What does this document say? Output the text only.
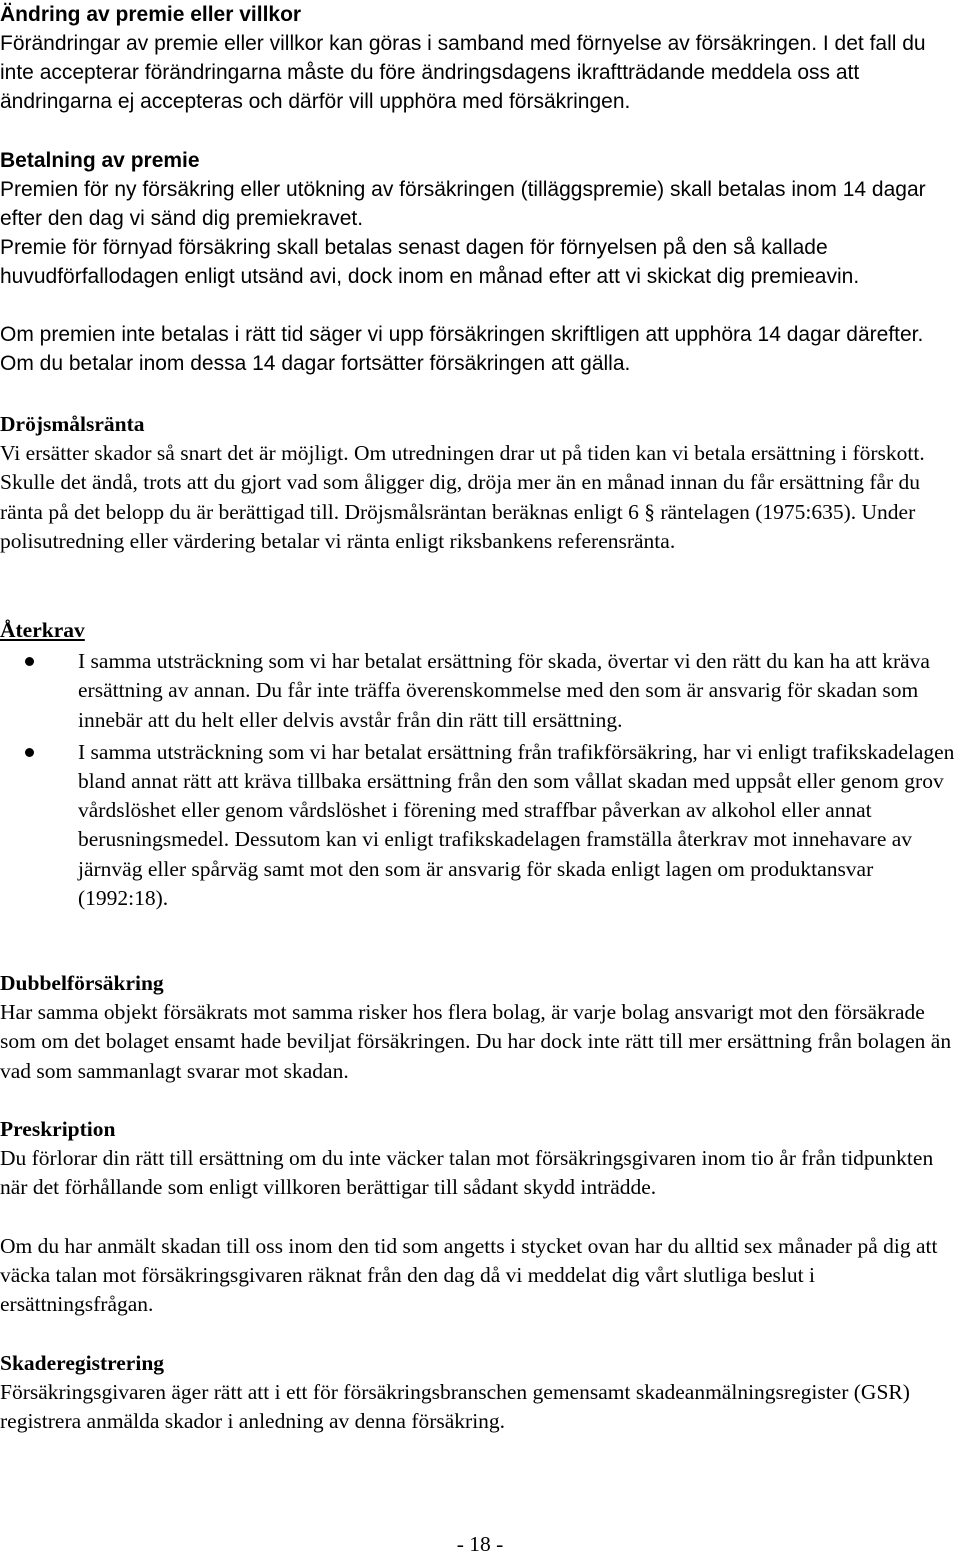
Ändring av premie eller villkor

Förändringar av premie eller villkor kan göras i samband med förnyelse av försäkringen. I det fall du inte accepterar förändringarna måste du före ändringsdagens ikraftträdande meddela oss att ändringarna ej accepteras och därför vill upphöra med försäkringen.

Betalning av premie

Premien för ny försäkring eller utökning av försäkringen (tilläggspremie) skall betalas inom 14 dagar efter den dag vi sänd dig premiekravet.

Premie för förnyad försäkring skall betalas senast dagen för förnyelsen på den så kallade huvudförfallodagen enligt utsänd avi, dock inom en månad efter att vi skickat dig premieavin.

Om premien inte betalas i rätt tid säger vi upp försäkringen skriftligen att upphöra 14 dagar därefter. Om du betalar inom dessa 14 dagar fortsätter försäkringen att gälla.

Dröjsmålsränta

Vi ersätter skador så snart det är möjligt. Om utredningen drar ut på tiden kan vi betala ersättning i förskott. Skulle det ändå, trots att du gjort vad som åligger dig, dröja mer än en månad innan du får ersättning får du ränta på det belopp du är berättigad till. Dröjsmålsräntan beräknas enligt 6 § räntelagen (1975:635). Under polisutredning eller värdering betalar vi ränta enligt riksbankens referensränta.

Återkrav

I samma utsträckning som vi har betalat ersättning för skada, övertar vi den rätt du kan ha att kräva ersättning av annan. Du får inte träffa överenskommelse med den som är ansvarig för skadan som innebär att du helt eller delvis avstår från din rätt till ersättning.
I samma utsträckning som vi har betalat ersättning från trafikförsäkring, har vi enligt trafikskadelagen bland annat rätt att kräva tillbaka ersättning från den som vållat skadan med uppsåt eller genom grov vårdslöshet eller genom vårdslöshet i förening med straffbar påverkan av alkohol eller annat berusningsmedel. Dessutom kan vi enligt trafikskadelagen framställa återkrav mot innehavare av järnväg eller spårväg samt mot den som är ansvarig för skada enligt lagen om produktansvar (1992:18).

Dubbelförsäkring

Har samma objekt försäkrats mot samma risker hos flera bolag, är varje bolag ansvarigt mot den försäkrade som om det bolaget ensamt hade beviljat försäkringen. Du har dock inte rätt till mer ersättning från bolagen än vad som sammanlagt svarar mot skadan.

Preskription

Du förlorar din rätt till ersättning om du inte väcker talan mot försäkringsgivaren inom tio år från tidpunkten när det förhållande som enligt villkoren berättigar till sådant skydd inträdde.

Om du har anmält skadan till oss inom den tid som angetts i stycket ovan har du alltid sex månader på dig att väcka talan mot försäkringsgivaren räknat från den dag då vi meddelat dig vårt slutliga beslut i ersättningsfrågan.

Skaderegistrering

Försäkringsgivaren äger rätt att i ett för försäkringsbranschen gemensamt skadeanmälningsregister (GSR) registrera anmälda skador i anledning av denna försäkring.

- 18 -
